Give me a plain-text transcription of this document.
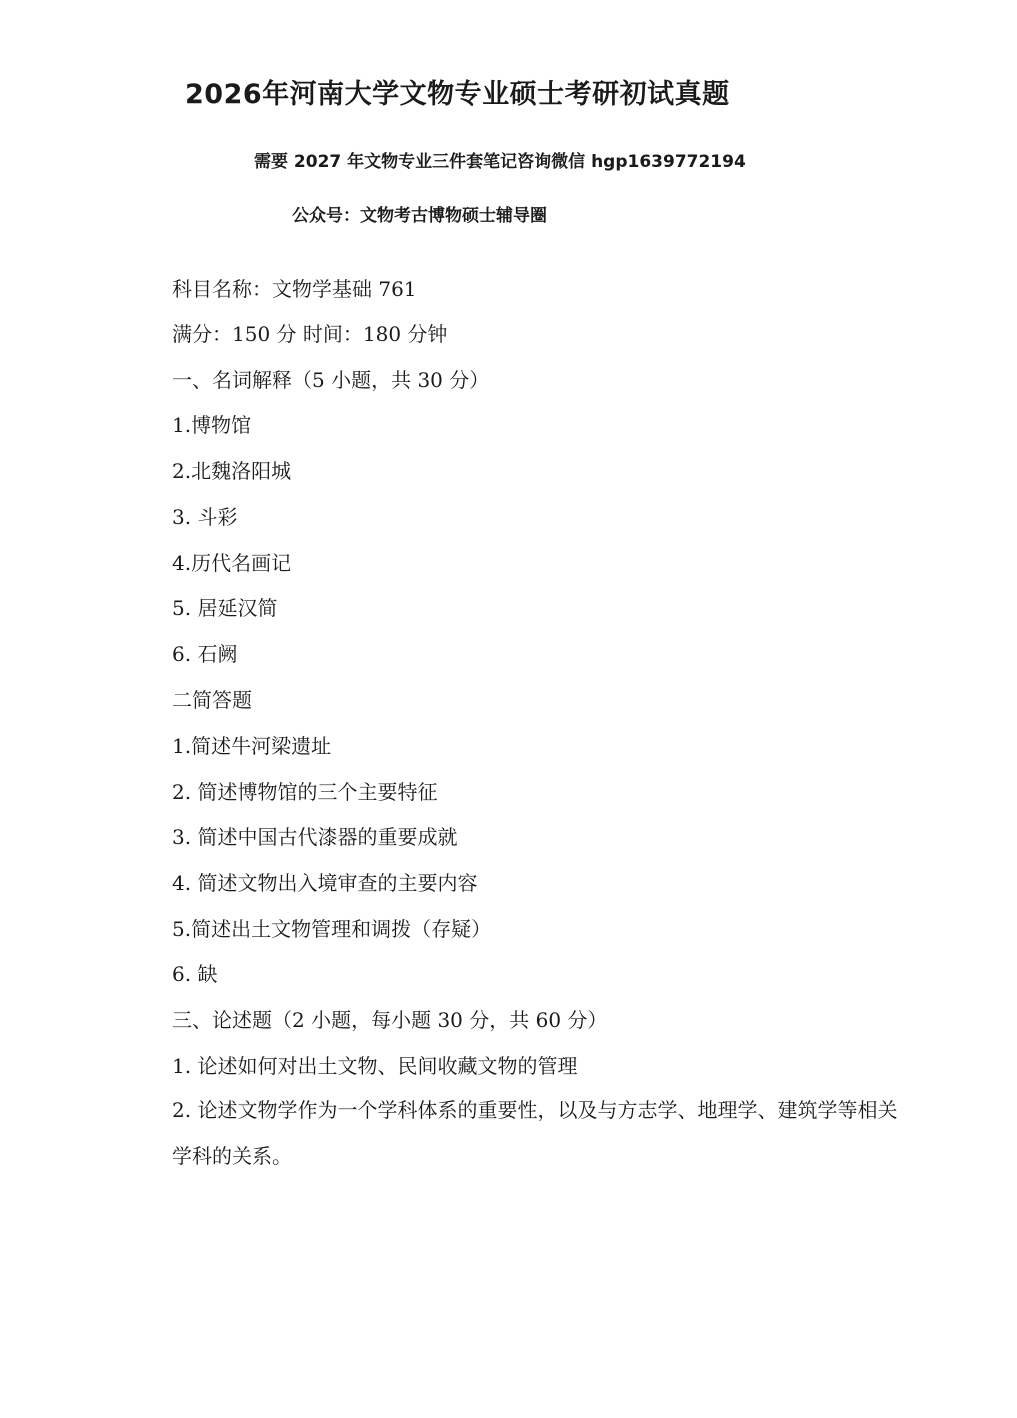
2026年河南大学文物专业硕士考研初试真题
需要 2027 年文物专业三件套笔记咨询微信 hgp1639772194
公众号：文物考古博物硕士辅导圈
科目名称：文物学基础 761
满分：150 分 时间：180 分钟
一、名词解释（5 小题，共 30 分）
1.博物馆
2.北魏洛阳城
3. 斗彩
4.历代名画记
5. 居延汉简
6. 石阙
二简答题
1.简述牛河梁遗址
2. 简述博物馆的三个主要特征
3. 简述中国古代漆器的重要成就
4. 简述文物出入境审查的主要内容
5.简述出土文物管理和调拨（存疑）
6. 缺
三、论述题（2 小题，每小题 30 分，共 60 分）
1. 论述如何对出土文物、民间收藏文物的管理
2. 论述文物学作为一个学科体系的重要性，以及与方志学、地理学、建筑学等相关学科的关系。
